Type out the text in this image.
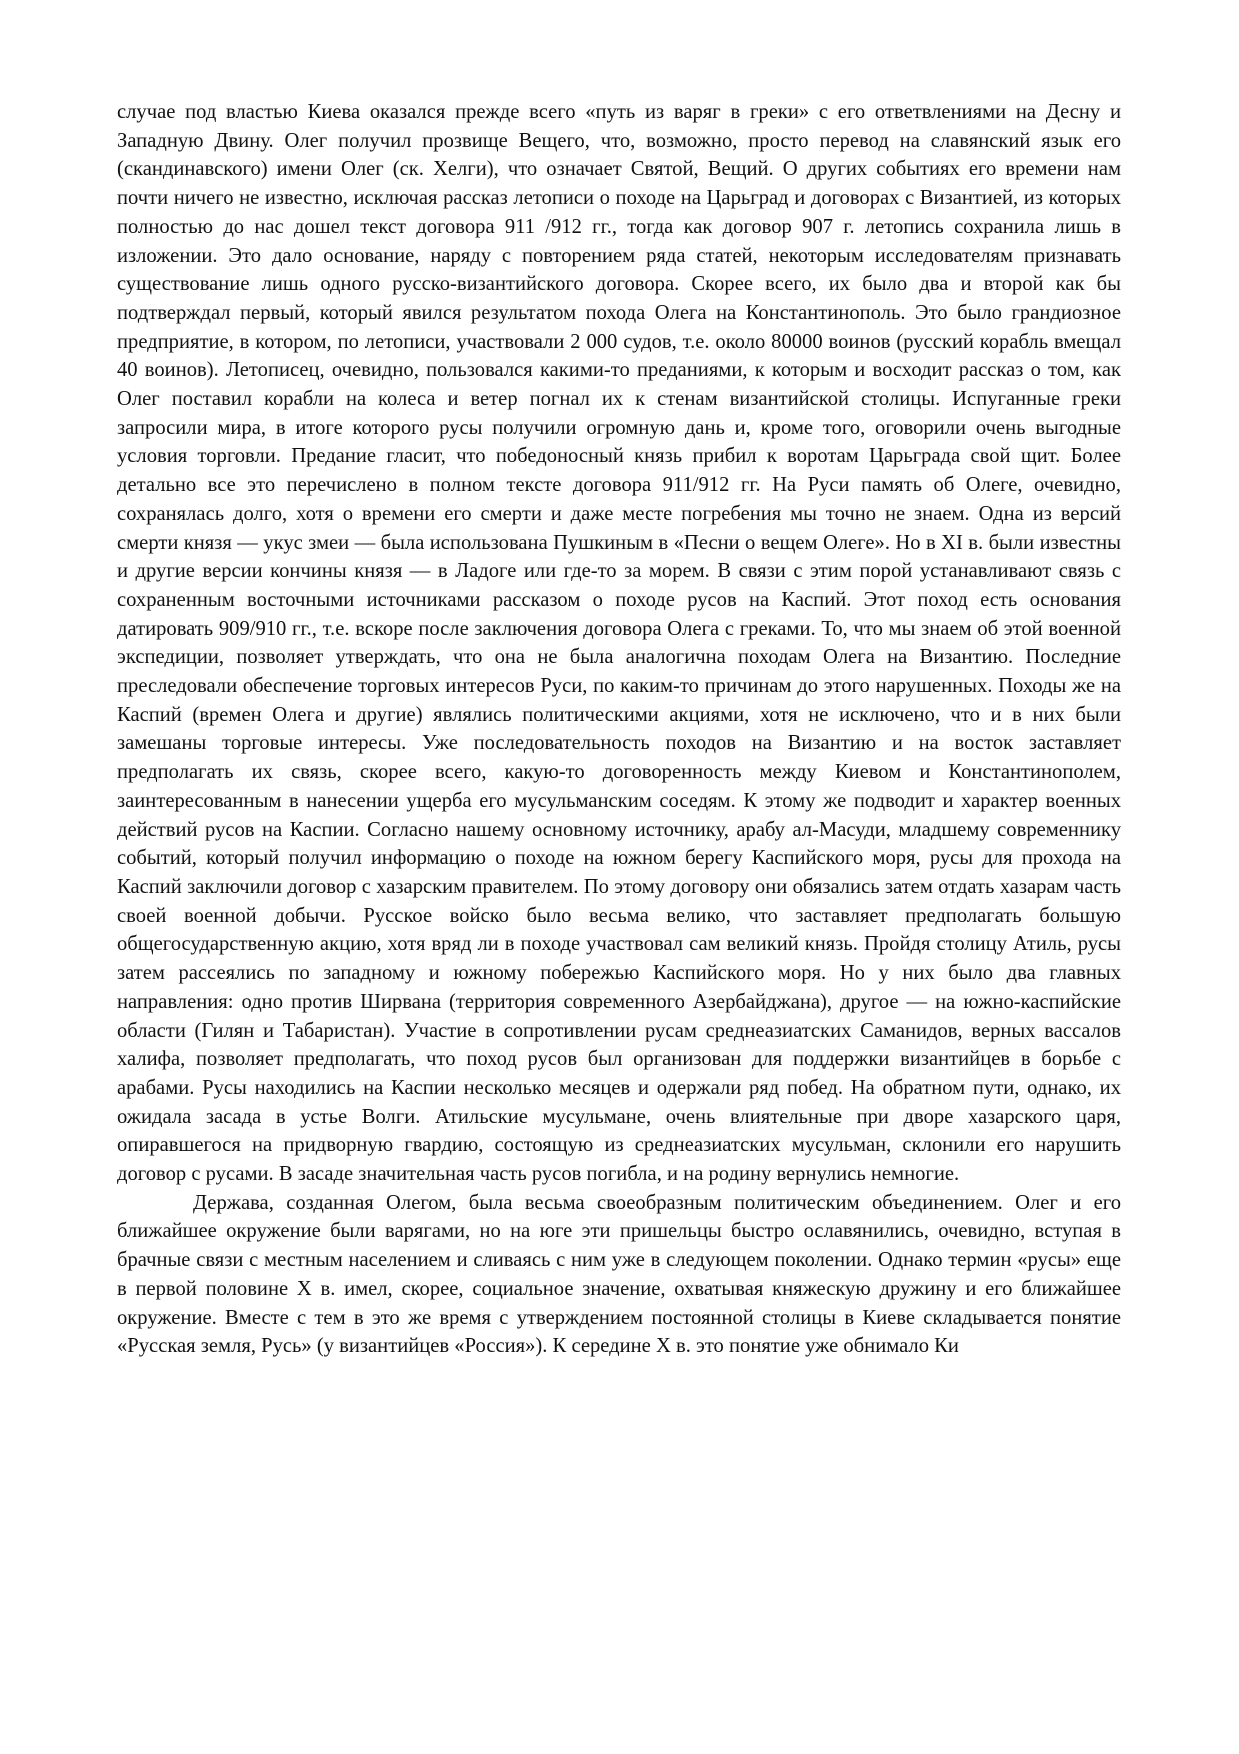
случае под властью Киева оказался прежде всего «путь из варяг в греки» с его ответвлениями на Десну и Западную Двину. Олег получил прозвище Вещего, что, возможно, просто перевод на славянский язык его (скандинавского) имени Олег (ск. Хелги), что означает Святой, Вещий. О других событиях его времени нам почти ничего не известно, исключая рассказ летописи о походе на Царьград и договорах с Византией, из которых полностью до нас дошел текст договора 911 /912 гг., тогда как договор 907 г. летопись сохранила лишь в изложении. Это дало основание, наряду с повторением ряда статей, некоторым исследователям признавать существование лишь одного русско-византийского договора. Скорее всего, их было два и второй как бы подтверждал первый, который явился результатом похода Олега на Константинополь. Это было грандиозное предприятие, в котором, по летописи, участвовали 2 000 судов, т.е. около 80000 воинов (русский корабль вмещал 40 воинов). Летописец, очевидно, пользовался какими-то преданиями, к которым и восходит рассказ о том, как Олег поставил корабли на колеса и ветер погнал их к стенам византийской столицы. Испуганные греки запросили мира, в итоге которого русы получили огромную дань и, кроме того, оговорили очень выгодные условия торговли. Предание гласит, что победоносный князь прибил к воротам Царьграда свой щит. Более детально все это перечислено в полном тексте договора 911/912 гг. На Руси память об Олеге, очевидно, сохранялась долго, хотя о времени его смерти и даже месте погребения мы точно не знаем. Одна из версий смерти князя — укус змеи — была использована Пушкиным в «Песни о вещем Олеге». Но в XI в. были известны и другие версии кончины князя — в Ладоге или где-то за морем. В связи с этим порой устанавливают связь с сохраненным восточными источниками рассказом о походе русов на Каспий. Этот поход есть основания датировать 909/910 гг., т.е. вскоре после заключения договора Олега с греками. То, что мы знаем об этой военной экспедиции, позволяет утверждать, что она не была аналогична походам Олега на Византию. Последние преследовали обеспечение торговых интересов Руси, по каким-то причинам до этого нарушенных. Походы же на Каспий (времен Олега и другие) являлись политическими акциями, хотя не исключено, что и в них были замешаны торговые интересы. Уже последовательность походов на Византию и на восток заставляет предполагать их связь, скорее всего, какую-то договоренность между Киевом и Константинополем, заинтересованным в нанесении ущерба его мусульманским соседям. К этому же подводит и характер военных действий русов на Каспии. Согласно нашему основному источнику, арабу ал-Масуди, младшему современнику событий, который получил информацию о походе на южном берегу Каспийского моря, русы для прохода на Каспий заключили договор с хазарским правителем. По этому договору они обязались затем отдать хазарам часть своей военной добычи. Русское войско было весьма велико, что заставляет предполагать большую общегосударственную акцию, хотя вряд ли в походе участвовал сам великий князь. Пройдя столицу Атиль, русы затем рассеялись по западному и южному побережью Каспийского моря. Но у них было два главных направления: одно против Ширвана (территория современного Азербайджана), другое — на южно-каспийские области (Гилян и Табаристан). Участие в сопротивлении русам среднеазиатских Саманидов, верных вассалов халифа, позволяет предполагать, что поход русов был организован для поддержки византийцев в борьбе с арабами. Русы находились на Каспии несколько месяцев и одержали ряд побед. На обратном пути, однако, их ожидала засада в устье Волги. Атильские мусульмане, очень влиятельные при дворе хазарского царя, опиравшегося на придворную гвардию, состоящую из среднеазиатских мусульман, склонили его нарушить договор с русами. В засаде значительная часть русов погибла, и на родину вернулись немногие.

Держава, созданная Олегом, была весьма своеобразным политическим объединением. Олег и его ближайшее окружение были варягами, но на юге эти пришельцы быстро ославянились, очевидно, вступая в брачные связи с местным населением и сливаясь с ним уже в следующем поколении. Однако термин «русы» еще в первой половине X в. имел, скорее, социальное значение, охватывая княжескую дружину и его ближайшее окружение. Вместе с тем в это же время с утверждением постоянной столицы в Киеве складывается понятие «Русская земля, Русь» (у византийцев «Россия»). К середине X в. это понятие уже обнимало Ки
